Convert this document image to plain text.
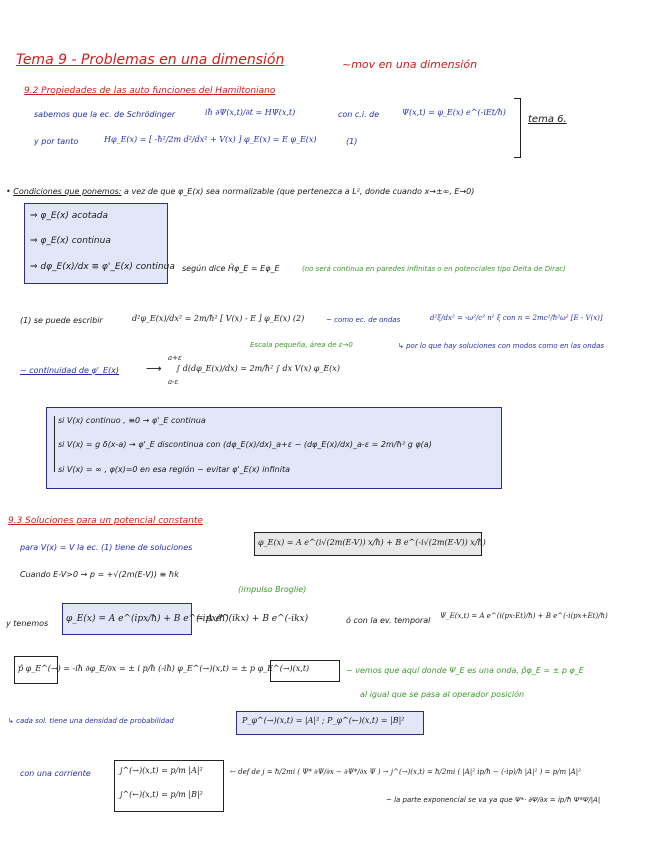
Tema 9 - Problemas en una dimensión	~mov en una dimensión
9.2 Propiedades de las auto funciones del Hamiltoniano
sabemos que la ec. de Schrödinger	iħ ∂Ψ(x,t)/∂t = HΨ(x,t)	con c.i. de	Ψ(x,t) = φ_E(x) e^(-iEt/ħ)
y por tanto	Hφ_E(x) = [ -ħ²/2m d²/dx² + V(x) ] φ_E(x) = E φ_E(x)	(1)
tema 6.
• Condiciones que ponemos: a vez de que φ_E(x) sea normalizable (que pertenezca a L², donde cuando x→±∞, E→0)
⇒ φ_E(x) acotada
⇒ φ_E(x) continua
⇒ dφ_E(x)/dx ≡ φ'_E(x) continua según dice Ĥφ_E = Eφ_E	(no será continua en paredes infinitas o en potenciales tipo Delta de Dirac)
(1) se puede escribir	d²φ_E(x)/dx² = 2m/ħ² [ V(x) - E ] φ_E(x) (2)	~ como ec. de ondas	d²ξ/dx² = -ω²/c² n² ξ con n = 2mc²/ħ²ω² [E - V(x)]
↳ por lo que hay soluciones con modos como en las ondas
Escala pequeña, área de ε→0
~ continuidad de φ'_E(x) ⟶ ∫ d(dφ_E(x)/dx) = 2m/ħ² ∫ dx V(x) φ_E(x)
a+ε
a-ε
si V(x) continuo , ≡0 → φ'_E continua
si V(x) = g δ(x-a) → φ'_E discontinua con (dφ_E(x)/dx)_a+ε − (dφ_E(x)/dx)_a-ε = 2m/ħ² g φ(a)
si V(x) = ∞ , φ(x)=0 en esa región ~ evitar φ'_E(x) infinita
9.3 Soluciones para un potencial constante
para V(x) = V la ec. (1) tiene de soluciones
φ_E(x) = A e^(i√(2m(E-V)) x/ħ) + B e^(-i√(2m(E-V)) x/ħ)
Cuando E-V>0 → p = +√(2m(E-V)) ≡ ħk
(impulso Broglie)
y tenemos φ_E(x) = A e^(ipx/ħ) + B e^(-ipx/ħ)
= A e^(ikx) + B e^(-ikx)	ó con la ev. temporal Ψ_E(x,t) = A e^(i(px-Et)/ħ) + B e^(-i(px+Et)/ħ)
p̂ φ_E^(→) = -iħ ∂φ_E/∂x = ± i p/ħ (-iħ) φ_E^(→)(x,t) = ± p φ_E^(→)(x,t)	~ vemos que aquí donde Ψ_E es una onda, p̂φ_E = ± p φ_E
al igual que se pasa al operador posición
↳ cada sol. tiene una densidad de probabilidad	P_φ^(→)(x,t) = |A|² ; P_φ^(←)(x,t) = |B|²
con una corriente	j^(→)(x,t) = p/m |A|²
j^(←)(x,t) = p/m |B|²
← def de j = ħ/2mi ( Ψ* ∂Ψ/∂x − ∂Ψ*/∂x Ψ ) → j^(→)(x,t) = ħ/2mi ( |A|² ip/ħ − (-ip)/ħ |A|² ) = p/m |A|²
~ la parte exponencial se va ya que Ψ*· ∂Ψ/∂x = ip/ħ Ψ*Ψ/|A|
